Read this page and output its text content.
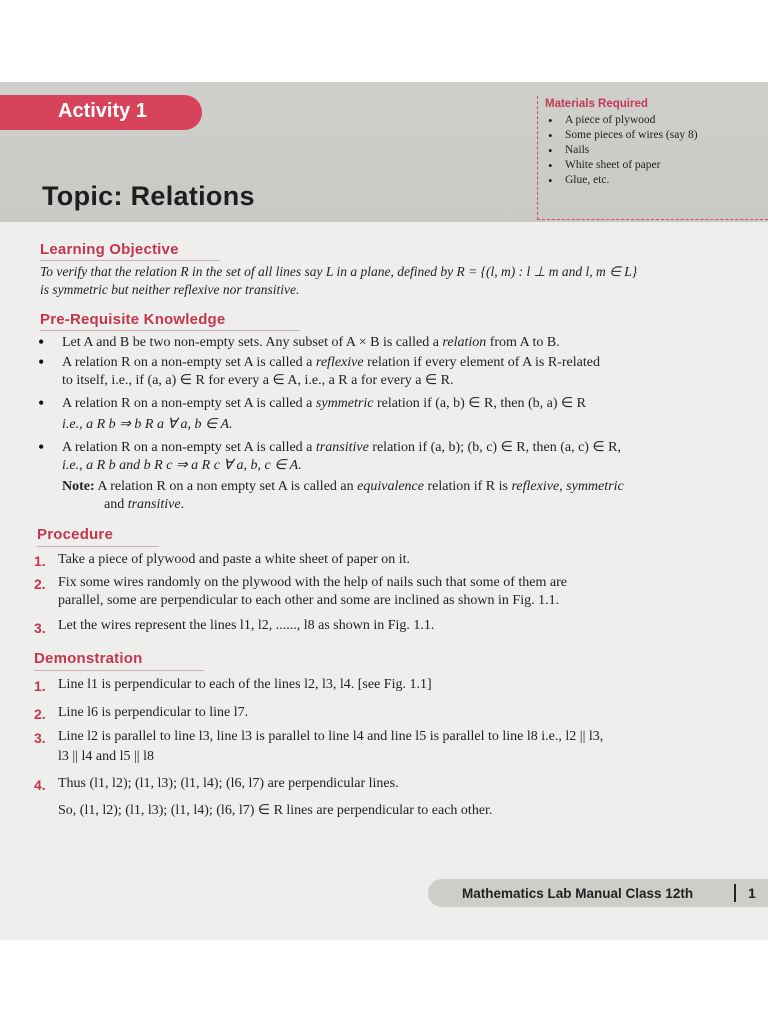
Activity 1
Topic: Relations
Materials Required
• A piece of plywood
• Some pieces of wires (say 8)
• Nails
• White sheet of paper
• Glue, etc.
Learning Objective
To verify that the relation R in the set of all lines say L in a plane, defined by R = {(l, m) : l ⊥ m and l, m ∈ L}
is symmetric but neither reflexive nor transitive.
Pre-Requisite Knowledge
• Let A and B be two non-empty sets. Any subset of A × B is called a relation from A to B.
• A relation R on a non-empty set A is called a reflexive relation if every element of A is R-related
to itself, i.e., if (a, a) ∈ R for every a ∈ A, i.e., a R a for every a ∈ R.
• A relation R on a non-empty set A is called a symmetric relation if (a, b) ∈ R, then (b, a) ∈ R
i.e., a R b ⇒ b R a ∀ a, b ∈ A.
• A relation R on a non-empty set A is called a transitive relation if (a, b); (b, c) ∈ R, then (a, c) ∈ R,
i.e., a R b and b R c ⇒ a R c ∀ a, b, c ∈ A.
Note: A relation R on a non empty set A is called an equivalence relation if R is reflexive, symmetric
and transitive.
Procedure
1. Take a piece of plywood and paste a white sheet of paper on it.
2. Fix some wires randomly on the plywood with the help of nails such that some of them are
parallel, some are perpendicular to each other and some are inclined as shown in Fig. 1.1.
3. Let the wires represent the lines l1, l2, ......, l8 as shown in Fig. 1.1.
Demonstration
1. Line l1 is perpendicular to each of the lines l2, l3, l4. [see Fig. 1.1]
2. Line l6 is perpendicular to line l7.
3. Line l2 is parallel to line l3, line l3 is parallel to line l4 and line l5 is parallel to line l8 i.e., l2 || l3,
l3 || l4 and l5 || l8
4. Thus (l1, l2); (l1, l3); (l1, l4); (l6, l7) are perpendicular lines.
So, (l1, l2); (l1, l3); (l1, l4); (l6, l7) ∈ R lines are perpendicular to each other.
Mathematics Lab Manual Class 12th	1
